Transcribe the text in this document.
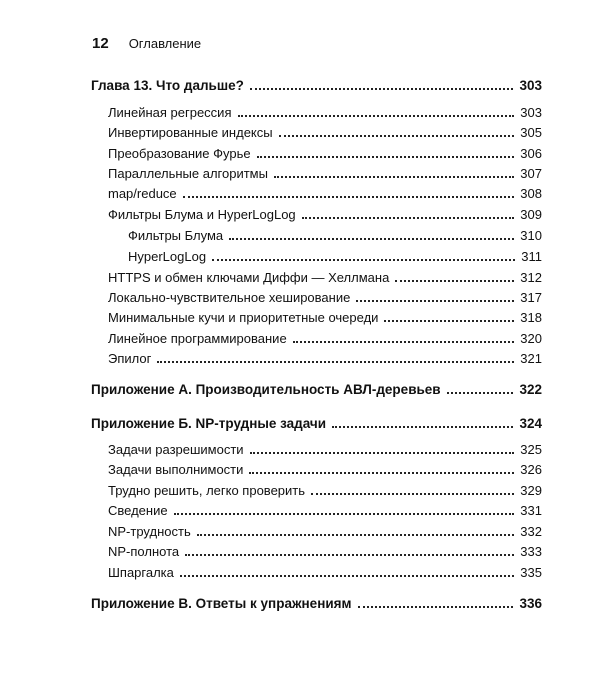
12 Оглавление
Глава 13. Что дальше?	303
Линейная регрессия	303
Инвертированные индексы	305
Преобразование Фурье	306
Параллельные алгоритмы	307
map/reduce	308
Фильтры Блума и HyperLogLog	309
Фильтры Блума	310
HyperLogLog	311
HTTPS и обмен ключами Диффи — Хеллмана	312
Локально-чувствительное хеширование	317
Минимальные кучи и приоритетные очереди	318
Линейное программирование	320
Эпилог	321
Приложение А. Производительность АВЛ-деревьев	322
Приложение Б. NP-трудные задачи	324
Задачи разрешимости	325
Задачи выполнимости	326
Трудно решить, легко проверить	329
Сведение	331
NP-трудность	332
NP-полнота	333
Шпаргалка	335
Приложение В. Ответы к упражнениям	336
